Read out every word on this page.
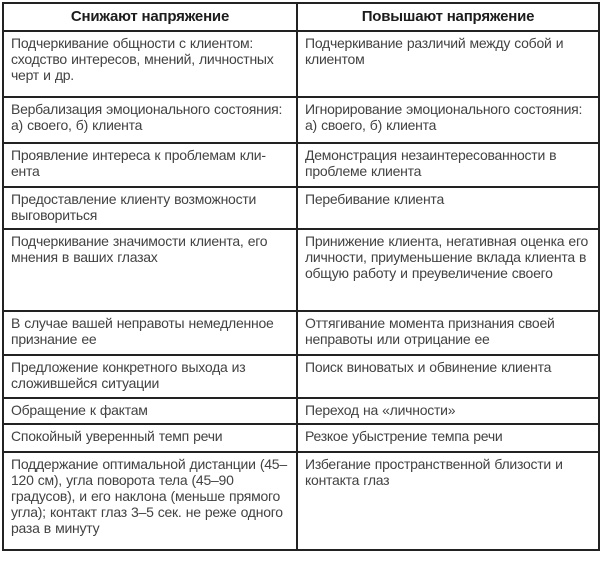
Снижают напряжение	Повышают напряжение
Подчеркивание общности с клиентом: сходство интересов, мнений, личностных черт и др.	Подчеркивание различий между собой и клиентом
Вербализация эмоционального состояния: а) своего, б) клиента	Игнорирование эмоционального состояния: а) своего, б) клиента
Проявление интереса к проблемам клиента	Демонстрация незаинтересованности в проблеме клиента
Предоставление клиенту возможности выговориться	Перебивание клиента
Подчеркивание значимости клиента, его мнения в ваших глазах	Принижение клиента, негативная оценка его личности, приуменьшение вклада клиента в общую работу и преувеличение своего
В случае вашей неправоты немедленное признание ее	Оттягивание момента признания своей неправоты или отрицание ее
Предложение конкретного выхода из сложившейся ситуации	Поиск виноватых и обвинение клиента
Обращение к фактам	Переход на «личности»
Спокойный уверенный темп речи	Резкое убыстрение темпа речи
Поддержание оптимальной дистанции (45–120 см), угла поворота тела (45–90 градусов), и его наклона (меньше прямого угла); контакт глаз 3–5 сек. не реже одного раза в минуту	Избегание пространственной близости и контакта глаз
